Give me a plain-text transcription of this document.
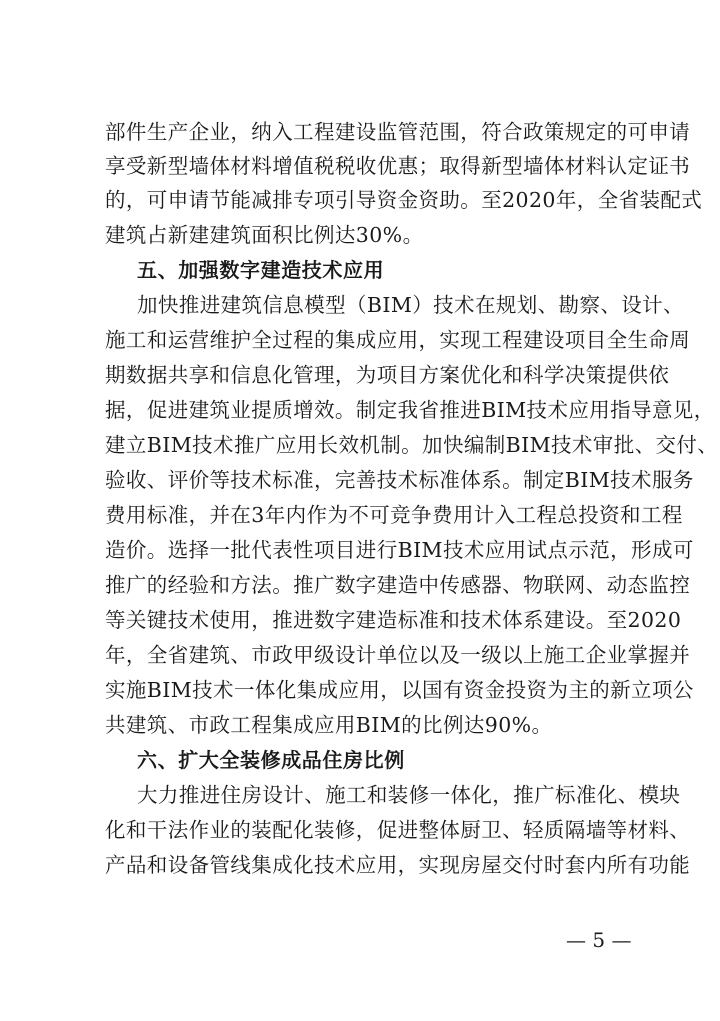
部件生产企业，纳入工程建设监管范围，符合政策规定的可申请
享受新型墙体材料增值税税收优惠；取得新型墙体材料认定证书
的，可申请节能减排专项引导资金资助。至2020年，全省装配式
建筑占新建建筑面积比例达30%。
五、加强数字建造技术应用
加快推进建筑信息模型（BIM）技术在规划、勘察、设计、
施工和运营维护全过程的集成应用，实现工程建设项目全生命周
期数据共享和信息化管理，为项目方案优化和科学决策提供依
据，促进建筑业提质增效。制定我省推进BIM技术应用指导意见，
建立BIM技术推广应用长效机制。加快编制BIM技术审批、交付、
验收、评价等技术标准，完善技术标准体系。制定BIM技术服务
费用标准，并在3年内作为不可竞争费用计入工程总投资和工程
造价。选择一批代表性项目进行BIM技术应用试点示范，形成可
推广的经验和方法。推广数字建造中传感器、物联网、动态监控
等关键技术使用，推进数字建造标准和技术体系建设。至2020
年，全省建筑、市政甲级设计单位以及一级以上施工企业掌握并
实施BIM技术一体化集成应用，以国有资金投资为主的新立项公
共建筑、市政工程集成应用BIM的比例达90%。
六、扩大全装修成品住房比例
大力推进住房设计、施工和装修一体化，推广标准化、模块
化和干法作业的装配化装修，促进整体厨卫、轻质隔墙等材料、
产品和设备管线集成化技术应用，实现房屋交付时套内所有功能
— 5 —
